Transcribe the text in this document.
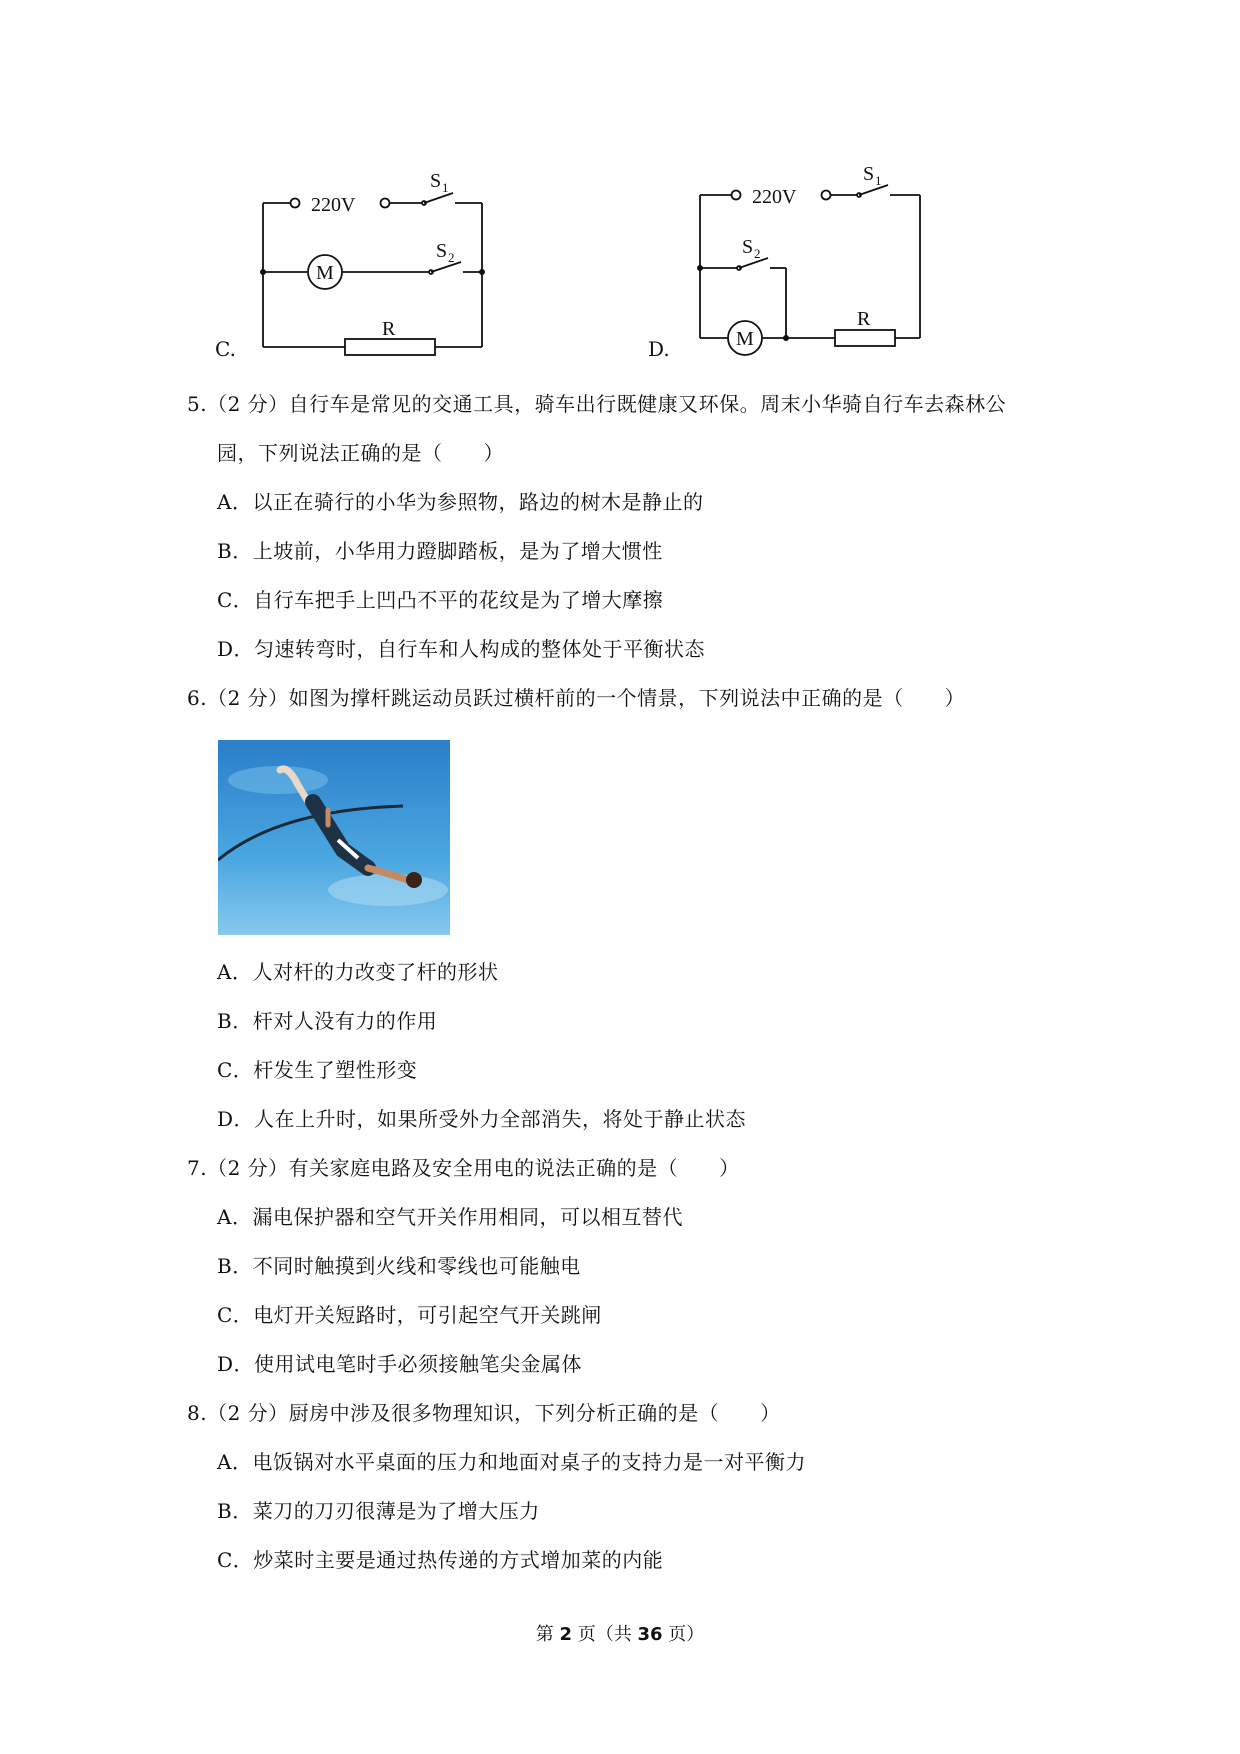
C.
220V
S 1
S 2
M
R
D.
220V
S 1
S 2
M
R
5.（2 分）自行车是常见的交通工具，骑车出行既健康又环保。周末小华骑自行车去森林公
园，下列说法正确的是（　　）
A．以正在骑行的小华为参照物，路边的树木是静止的
B．上坡前，小华用力蹬脚踏板，是为了增大惯性
C．自行车把手上凹凸不平的花纹是为了增大摩擦
D．匀速转弯时，自行车和人构成的整体处于平衡状态
6.（2 分）如图为撑杆跳运动员跃过横杆前的一个情景，下列说法中正确的是（　　）
A．人对杆的力改变了杆的形状
B．杆对人没有力的作用
C．杆发生了塑性形变
D．人在上升时，如果所受外力全部消失，将处于静止状态
7.（2 分）有关家庭电路及安全用电的说法正确的是（　　）
A．漏电保护器和空气开关作用相同，可以相互替代
B．不同时触摸到火线和零线也可能触电
C．电灯开关短路时，可引起空气开关跳闸
D．使用试电笔时手必须接触笔尖金属体
8.（2 分）厨房中涉及很多物理知识，下列分析正确的是（　　）
A．电饭锅对水平桌面的压力和地面对桌子的支持力是一对平衡力
B．菜刀的刀刃很薄是为了增大压力
C．炒菜时主要是通过热传递的方式增加菜的内能
第 2 页（共 36 页）
